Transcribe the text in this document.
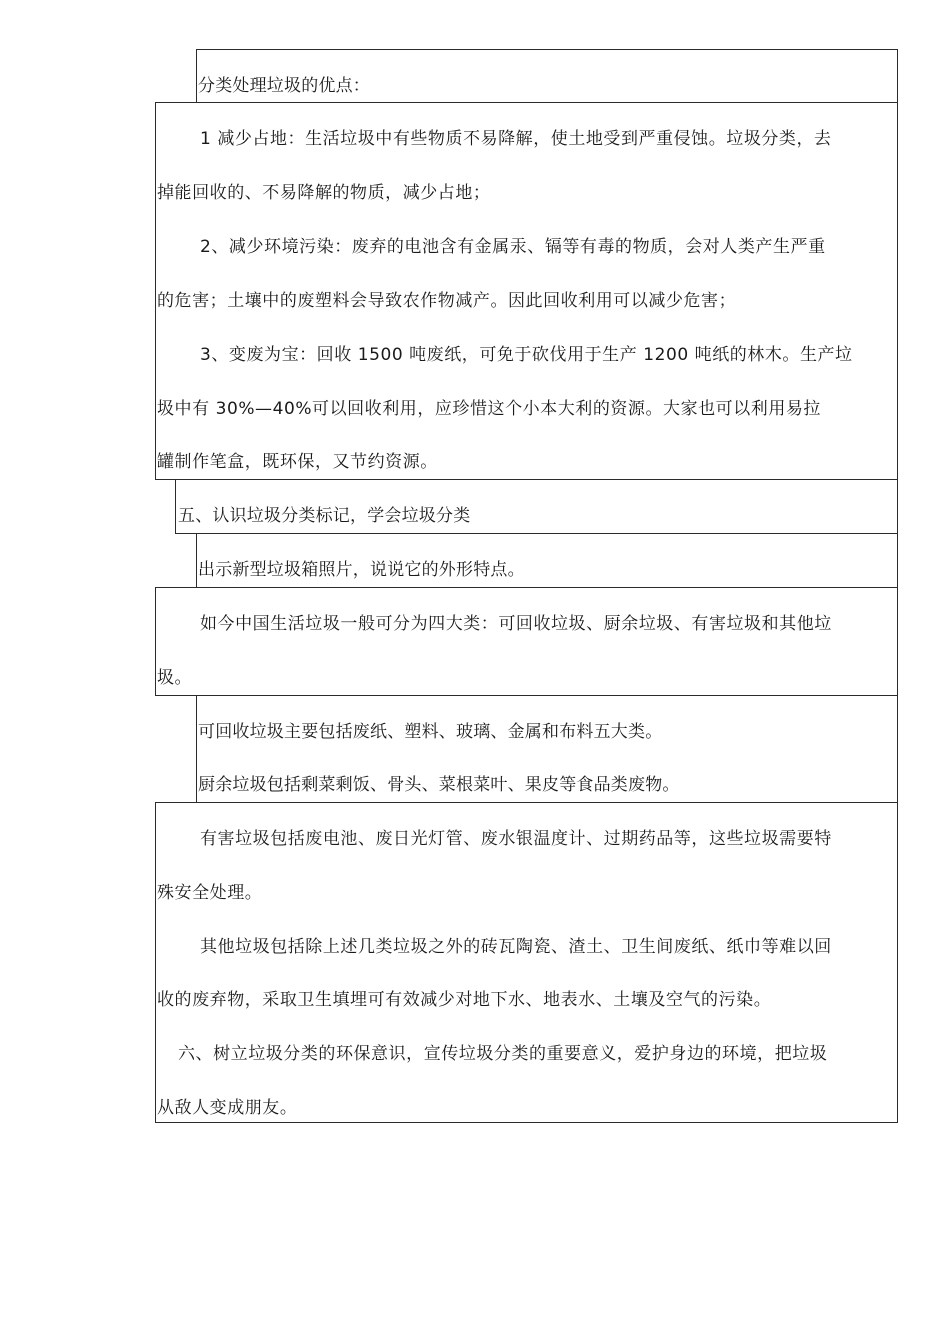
分类处理垃圾的优点：
1 减少占地：生活垃圾中有些物质不易降解，使土地受到严重侵蚀。垃圾分类，去
掉能回收的、不易降解的物质，减少占地；
2、减少环境污染：废弃的电池含有金属汞、镉等有毒的物质，会对人类产生严重
的危害；土壤中的废塑料会导致农作物减产。因此回收利用可以减少危害；
3、变废为宝：回收 1500 吨废纸，可免于砍伐用于生产 1200 吨纸的林木。生产垃
圾中有 30%—40%可以回收利用，应珍惜这个小本大利的资源。大家也可以利用易拉
罐制作笔盒，既环保，又节约资源。
五、认识垃圾分类标记，学会垃圾分类
出示新型垃圾箱照片，说说它的外形特点。
如今中国生活垃圾一般可分为四大类：可回收垃圾、厨余垃圾、有害垃圾和其他垃
圾。
可回收垃圾主要包括废纸、塑料、玻璃、金属和布料五大类。
厨余垃圾包括剩菜剩饭、骨头、菜根菜叶、果皮等食品类废物。
有害垃圾包括废电池、废日光灯管、废水银温度计、过期药品等，这些垃圾需要特
殊安全处理。
其他垃圾包括除上述几类垃圾之外的砖瓦陶瓷、渣土、卫生间废纸、纸巾等难以回
收的废弃物，采取卫生填埋可有效减少对地下水、地表水、土壤及空气的污染。
六、树立垃圾分类的环保意识，宣传垃圾分类的重要意义，爱护身边的环境，把垃圾
从敌人变成朋友。
